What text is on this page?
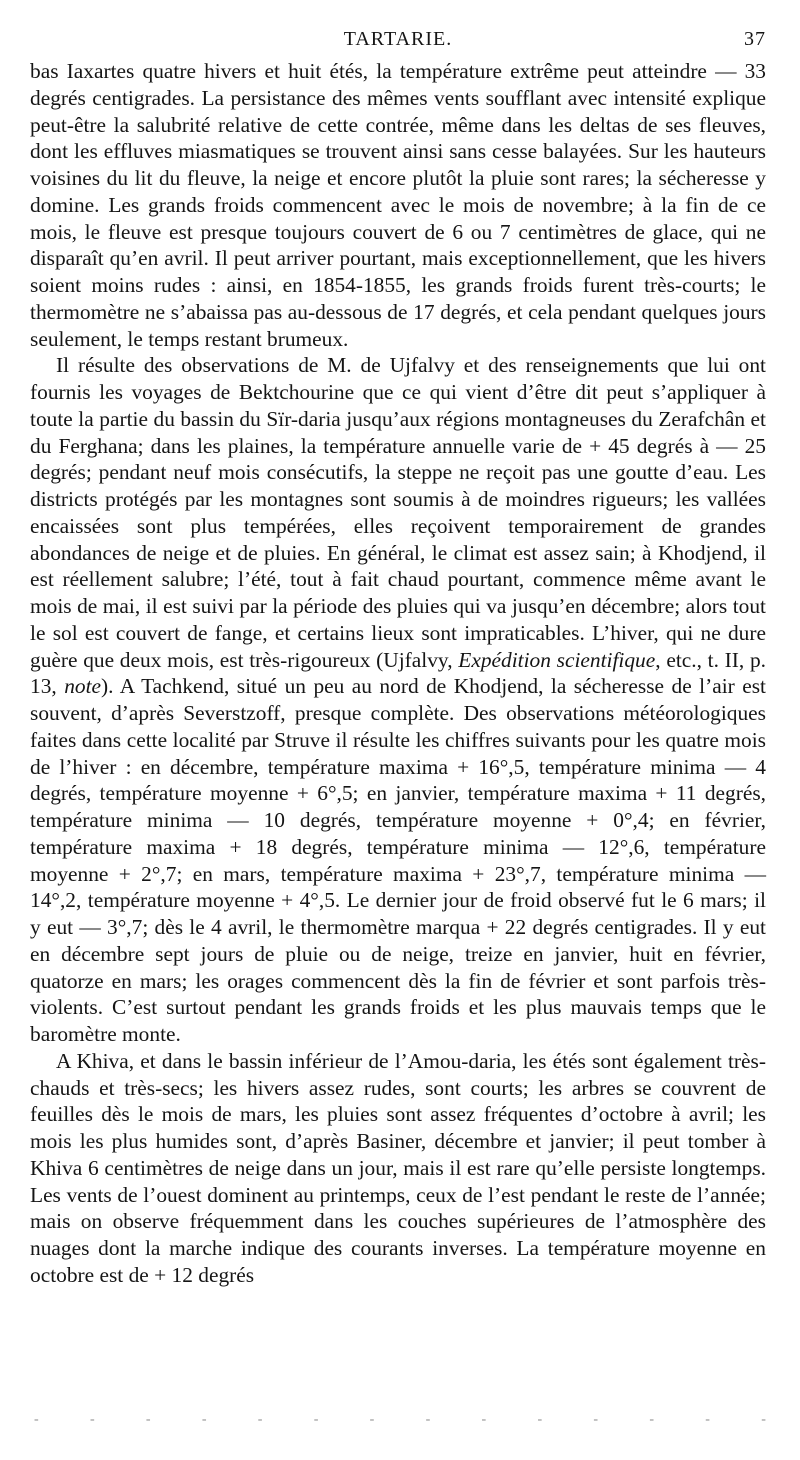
TARTARIE.	37

bas Iaxartes quatre hivers et huit étés, la température extrême peut atteindre — 33 degrés centigrades. La persistance des mêmes vents soufflant avec intensité explique peut-être la salubrité relative de cette contrée, même dans les deltas de ses fleuves, dont les effluves miasmatiques se trouvent ainsi sans cesse balayées. Sur les hauteurs voisines du lit du fleuve, la neige et encore plutôt la pluie sont rares; la sécheresse y domine. Les grands froids commencent avec le mois de novembre; à la fin de ce mois, le fleuve est presque toujours couvert de 6 ou 7 centimètres de glace, qui ne disparaît qu’en avril. Il peut arriver pourtant, mais exceptionnellement, que les hivers soient moins rudes : ainsi, en 1854-1855, les grands froids furent très-courts; le thermomètre ne s’abaissa pas au-dessous de 17 degrés, et cela pendant quelques jours seulement, le temps restant brumeux.

Il résulte des observations de M. de Ujfalvy et des renseignements que lui ont fournis les voyages de Bektchourine que ce qui vient d’être dit peut s’appliquer à toute la partie du bassin du Sïr-daria jusqu’aux régions montagneuses du Zerafchân et du Ferghana; dans les plaines, la température annuelle varie de + 45 degrés à — 25 degrés; pendant neuf mois consécutifs, la steppe ne reçoit pas une goutte d’eau. Les districts protégés par les montagnes sont soumis à de moindres rigueurs; les vallées encaissées sont plus tempérées, elles reçoivent temporairement de grandes abondances de neige et de pluies. En général, le climat est assez sain; à Khodjend, il est réellement salubre; l’été, tout à fait chaud pourtant, commence même avant le mois de mai, il est suivi par la période des pluies qui va jusqu’en décembre; alors tout le sol est couvert de fange, et certains lieux sont impraticables. L’hiver, qui ne dure guère que deux mois, est très-rigoureux (Ujfalvy, Expédition scientifique, etc., t. II, p. 13, note). A Tachkend, situé un peu au nord de Khodjend, la sécheresse de l’air est souvent, d’après Severstzoff, presque complète. Des observations météorologiques faites dans cette localité par Struve il résulte les chiffres suivants pour les quatre mois de l’hiver : en décembre, température maxima + 16°,5, température minima — 4 degrés, température moyenne + 6°,5; en janvier, température maxima + 11 degrés, température minima — 10 degrés, température moyenne + 0°,4; en février, température maxima + 18 degrés, température minima — 12°,6, température moyenne + 2°,7; en mars, température maxima + 23°,7, température minima — 14°,2, température moyenne + 4°,5. Le dernier jour de froid observé fut le 6 mars; il y eut — 3°,7; dès le 4 avril, le thermomètre marqua + 22 degrés centigrades. Il y eut en décembre sept jours de pluie ou de neige, treize en janvier, huit en février, quatorze en mars; les orages commencent dès la fin de février et sont parfois très-violents. C’est surtout pendant les grands froids et les plus mauvais temps que le baromètre monte.

A Khiva, et dans le bassin inférieur de l’Amou-daria, les étés sont également très-chauds et très-secs; les hivers assez rudes, sont courts; les arbres se couvrent de feuilles dès le mois de mars, les pluies sont assez fréquentes d’octobre à avril; les mois les plus humides sont, d’après Basiner, décembre et janvier; il peut tomber à Khiva 6 centimètres de neige dans un jour, mais il est rare qu’elle persiste longtemps. Les vents de l’ouest dominent au printemps, ceux de l’est pendant le reste de l’année; mais on observe fréquemment dans les couches supérieures de l’atmosphère des nuages dont la marche indique des courants inverses. La température moyenne en octobre est de + 12 degrés

-	-	-	-	-	-	-	-	-	-	-	-	-	-
